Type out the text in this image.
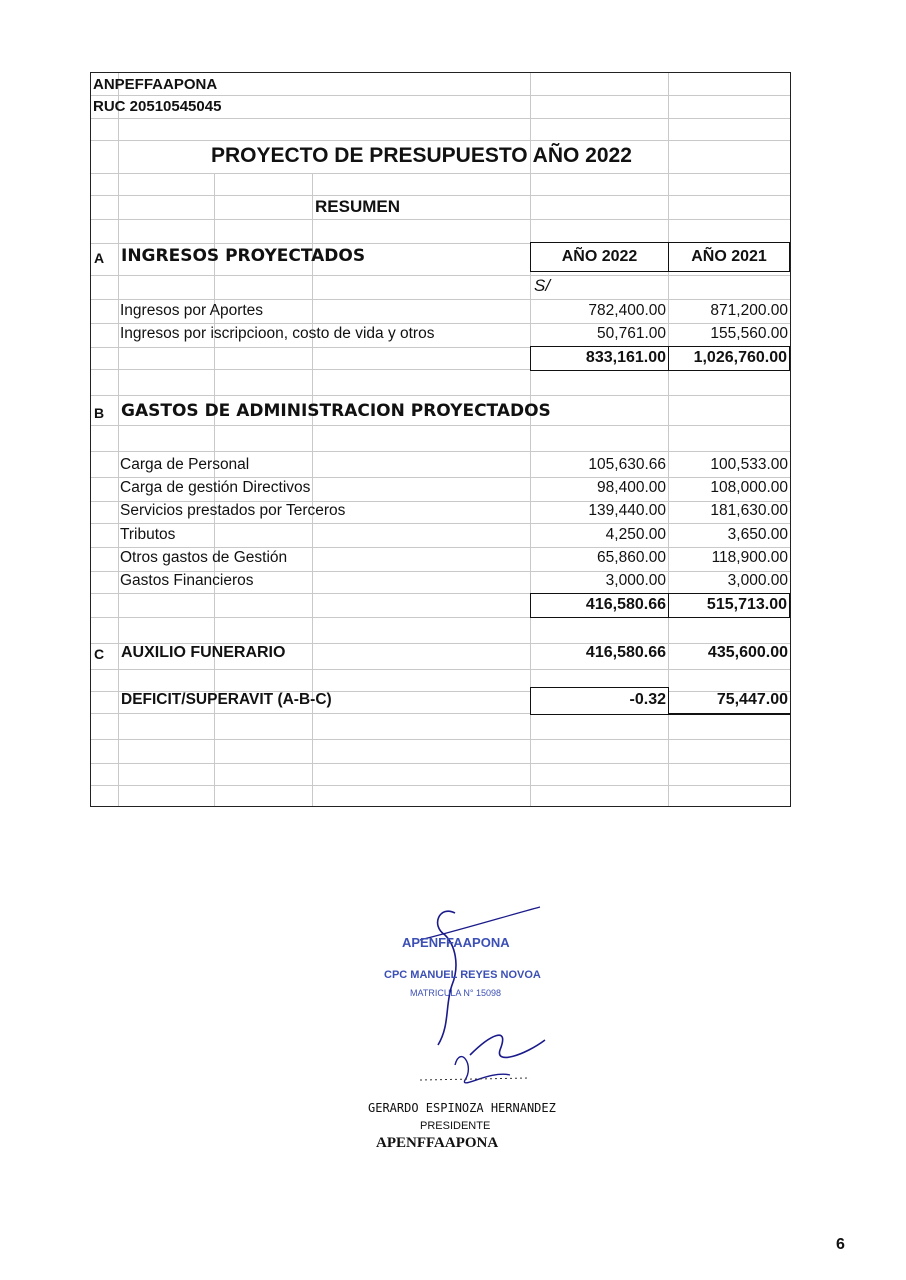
ANPEFFAAPONA
RUC 20510545045
PROYECTO DE PRESUPUESTO AÑO 2022
RESUMEN
AÑO 2022	AÑO 2021
A INGRESOS PROYECTADOS
S/
Ingresos por Aportes	782,400.00	871,200.00
Ingresos por iscripcioon, costo de vida y otros	50,761.00	155,560.00
833,161.00 1,026,760.00
B GASTOS DE ADMINISTRACION PROYECTADOS
Carga de Personal	105,630.66	100,533.00
Carga de gestión Directivos	98,400.00	108,000.00
Servicios prestados por Terceros	139,440.00	181,630.00
Tributos	4,250.00	3,650.00
Otros gastos de Gestión	65,860.00	118,900.00
Gastos Financieros	3,000.00	3,000.00
416,580.66	515,713.00
C AUXILIO FUNERARIO	416,580.66	435,600.00
DEFICIT/SUPERAVIT (A-B-C)	-0.32	75,447.00
APENFFAAPONA
CPC MANUEL REYES NOVOA
MATRICULA N° 15098
GERARDO ESPINOZA HERNANDEZ
PRESIDENTE
APENFFAAPONA
6
